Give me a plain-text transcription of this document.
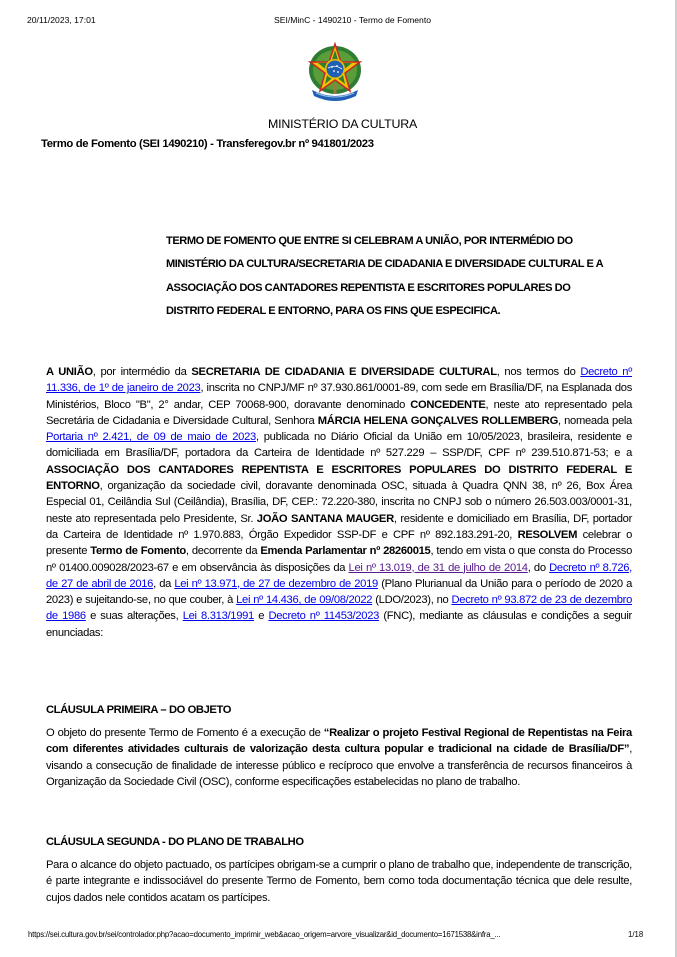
20/11/2023, 17:01	SEI/MinC - 1490210 - Termo de Fomento
MINISTÉRIO DA CULTURA
Termo de Fomento (SEI 1490210) - Transferegov.br nº 941801/2023
TERMO DE FOMENTO QUE ENTRE SI CELEBRAM A UNIÃO, POR INTERMÉDIO DO MINISTÉRIO DA CULTURA/SECRETARIA DE CIDADANIA E DIVERSIDADE CULTURAL E A ASSOCIAÇÃO DOS CANTADORES REPENTISTA E ESCRITORES POPULARES DO DISTRITO FEDERAL E ENTORNO, PARA OS FINS QUE ESPECIFICA.
A UNIÃO, por intermédio da SECRETARIA DE CIDADANIA E DIVERSIDADE CULTURAL, nos termos do Decreto nº 11.336, de 1º de janeiro de 2023, inscrita no CNPJ/MF nº 37.930.861/0001-89, com sede em Brasília/DF, na Esplanada dos Ministérios, Bloco "B", 2° andar, CEP 70068-900, doravante denominado CONCEDENTE, neste ato representado pela Secretária de Cidadania e Diversidade Cultural, Senhora MÁRCIA HELENA GONÇALVES ROLLEMBERG, nomeada pela Portaria nº 2.421, de 09 de maio de 2023, publicada no Diário Oficial da União em 10/05/2023, brasileira, residente e domiciliada em Brasília/DF, portadora da Carteira de Identidade nº 527.229 – SSP/DF, CPF nº 239.510.871-53; e a ASSOCIAÇÃO DOS CANTADORES REPENTISTA E ESCRITORES POPULARES DO DISTRITO FEDERAL E ENTORNO, organização da sociedade civil, doravante denominada OSC, situada à Quadra QNN 38, nº 26, Box Área Especial 01, Ceilândia Sul (Ceilândia), Brasília, DF, CEP.: 72.220-380, inscrita no CNPJ sob o número 26.503.003/0001-31, neste ato representada pelo Presidente, Sr. JOÃO SANTANA MAUGER, residente e domiciliado em Brasília, DF, portador da Carteira de Identidade nº 1.970.883, Órgão Expedidor SSP-DF e CPF nº 892.183.291-20, RESOLVEM celebrar o presente Termo de Fomento, decorrente da Emenda Parlamentar nº 28260015, tendo em vista o que consta do Processo nº 01400.009028/2023-67 e em observância às disposições da Lei nº 13.019, de 31 de julho de 2014, do Decreto nº 8.726, de 27 de abril de 2016, da Lei nº 13.971, de 27 de dezembro de 2019 (Plano Plurianual da União para o período de 2020 a 2023) e sujeitando-se, no que couber, à Lei nº 14.436, de 09/08/2022 (LDO/2023), no Decreto nº 93.872 de 23 de dezembro de 1986 e suas alterações, Lei 8.313/1991 e Decreto nº 11453/2023 (FNC), mediante as cláusulas e condições a seguir enunciadas:
CLÁUSULA PRIMEIRA – DO OBJETO
O objeto do presente Termo de Fomento é a execução de “Realizar o projeto Festival Regional de Repentistas na Feira com diferentes atividades culturais de valorização desta cultura popular e tradicional na cidade de Brasília/DF”, visando a consecução de finalidade de interesse público e recíproco que envolve a transferência de recursos financeiros à Organização da Sociedade Civil (OSC), conforme especificações estabelecidas no plano de trabalho.
CLÁUSULA SEGUNDA - DO PLANO DE TRABALHO
Para o alcance do objeto pactuado, os partícipes obrigam-se a cumprir o plano de trabalho que, independente de transcrição, é parte integrante e indissociável do presente Termo de Fomento, bem como toda documentação técnica que dele resulte, cujos dados nele contidos acatam os partícipes.
https://sei.cultura.gov.br/sei/controlador.php?acao=documento_imprimir_web&acao_origem=arvore_visualizar&id_documento=1671538&infra_...	1/18
